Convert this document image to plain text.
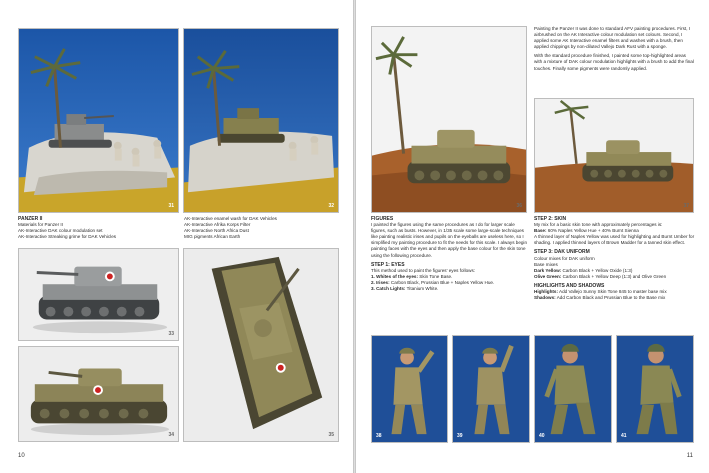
31	32
PANZER II
Materials for Panzer II
AK-Interactive DAK colour modulation set
AK-Interactive Streaking grime for DAK Vehicles
AK-Interactive enamel wash for DAK Vehicles
AK-Interactive Afrika Korps Filter
AK-Interactive North Africa Dust
MIG pigments African Earth
33
34	35
10
36

Painting the Panzer II was done to standard AFV painting procedures. First, I airbrushed on the AK Interactive colour modulation set colours. Second, I applied some AK Interactive enamel filters and washes with a brush, then applied chippings by non-diluted Vallejo Dark Rust with a sponge.

With the standard procedure finished, I painted some top-highlighted areas with a mixture of DAK colour modulation highlights with a brush to add the final touches. Finally some pigments were randomly applied.

37
FIGURES

I painted the figures using the same procedures as I do for larger scale figures, such as busts. However, in 1/35 scale some large-scale techniques like painting realistic irises and pupils on the eyeballs are useless here, so I simplified my painting procedure to fit the needs for this scale. I always begin painting faces with the eyes and then apply the base colour for the skin tone using the following procedure.

STEP 1: EYES
This method used to paint the figures' eyes follows:
1. Whites of the eyes: Skin Tone Base.
2. Irises: Carbon Black, Prussian Blue + Naples Yellow Hue.
3. Catch Lights: Titanium White.
STEP 2: SKIN
My mix for a basic skin tone with approximately percentages is:
Base: 60% Naples Yellow Hue + 40% Burnt Sienna

A thinned layer of Naples Yellow was used for highlighting and Burnt Umber for shading. I applied thinned layers of Brown Madder for a tanned skin effect.

STEP 3: DAK UNIFORM
Colour mixes for DAK uniform
Base mixes
Dark Yellow: Carbon Black + Yellow Oxide (1:3)
Olive Green: Carbon Black + Yellow Deep (1:3) and Olive Green
HIGHLIGHTS AND SHADOWS
Highlights: Add Vallejo Sunny Skin Tone 845 to master base mix
Shadows: Add Carbon Black and Prussian Blue to the Base mix
38	39	40	41
11
